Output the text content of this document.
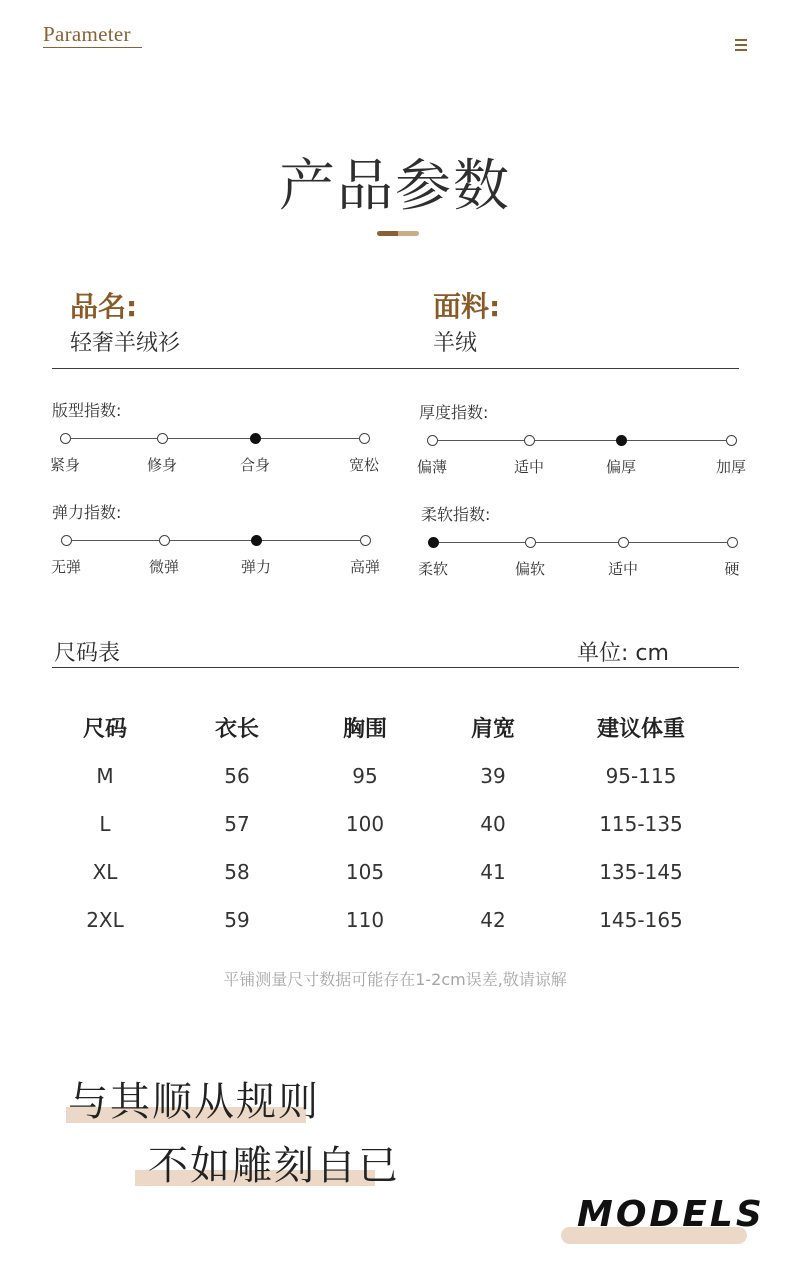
Parameter
产品参数
品名:
轻奢羊绒衫
面料:
羊绒
版型指数:
紧身	修身	合身	宽松
厚度指数:
偏薄	适中	偏厚	加厚
弹力指数:
无弹	微弹	弹力	高弹
柔软指数:
柔软	偏软	适中	硬
尺码表	单位: cm
尺码	衣长	胸围	肩宽	建议体重
M	56	95	39	95-115
L	57	100	40	115-135
XL	58	105	41	135-145
2XL	59	110	42	145-165
平铺测量尺寸数据可能存在1-2cm误差,敬请谅解
与其顺从规则
不如雕刻自已
MODELS
